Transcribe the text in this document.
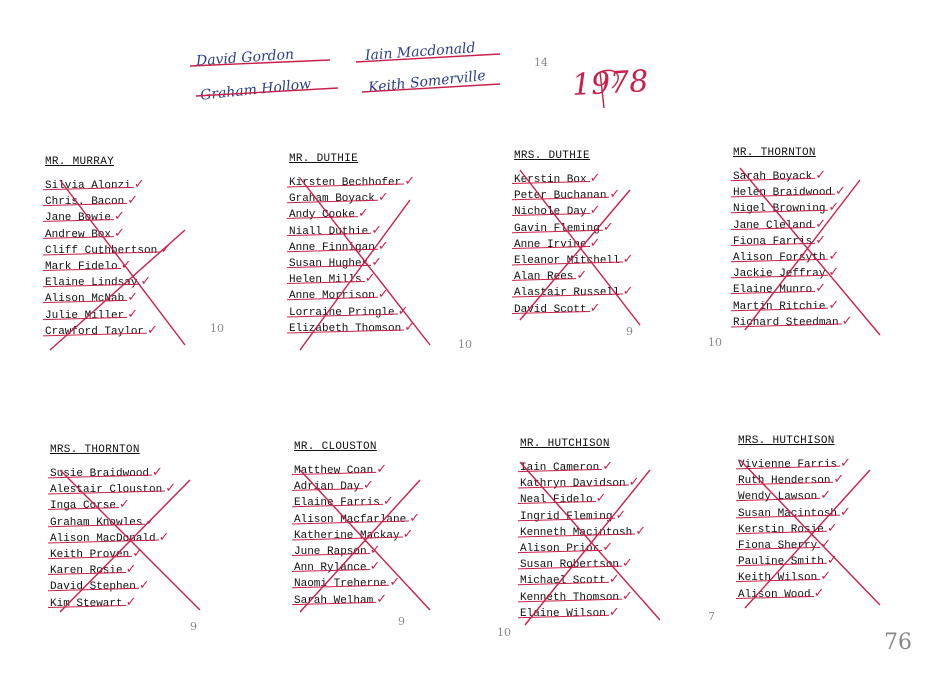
David Gordon
Graham Hollow
Iain Macdonald
Keith Somerville
14
1978
MR. MURRAY
Silvia Alonzi ✓
Chris. Bacon ✓
Jane Bowie ✓
Andrew Box ✓
Cliff Cuthbertson ✓
Mark Fidelo ✓
Elaine Lindsay ✓
Alison McNab ✓
Julie Miller ✓
Crawford Taylor ✓
MR. DUTHIE
Kirsten Bechhofer ✓
Graham Boyack ✓
Andy Cooke ✓
Niall Duthie ✓
Anne Finnigan ✓
Susan Hughes ✓
Helen Mills ✓
Anne Morrison ✓
Lorraine Pringle ✓
Elizabeth Thomson ✓
MRS. DUTHIE
Kerstin Box ✓
Peter Buchanan ✓
Nichole Day ✓
Gavin Fleming ✓
Anne Irvine ✓
Eleanor Mitchell ✓
Alan Rees ✓
Alastair Russell ✓
David Scott ✓
MR. THORNTON
Sarah Boyack ✓
Helen Braidwood ✓
Nigel Browning ✓
Jane Cleland ✓
Fiona Farris ✓
Alison Forsyth ✓
Jackie Jeffray ✓
Elaine Munro ✓
Martin Ritchie ✓
Richard Steedman ✓
MRS. THORNTON
Susie Braidwood ✓
Alestair Clouston ✓
Inga Corse ✓
Graham Knowles ✓
Alison MacDonald ✓
Keith Proven ✓
Karen Rosie ✓
David Stephen ✓
Kim Stewart ✓
MR. CLOUSTON
Matthew Coan ✓
Adrian Day ✓
Elaine Farris ✓
Alison Macfarlane ✓
Katherine Mackay ✓
June Rapson ✓
Ann Rylance ✓
Naomi Treherne ✓
Sarah Welham ✓
MR. HUTCHISON
Iain Cameron ✓
Kathryn Davidson ✓
Neal Fidelo ✓
Ingrid Fleming ✓
Kenneth Macintosh ✓
Alison Prior ✓
Susan Robertson ✓
Michael Scott ✓
Kenneth Thomson ✓
Elaine Wilson ✓
MRS. HUTCHISON
Vivienne Farris ✓
Ruth Henderson ✓
Wendy Lawson ✓
Susan Macintosh ✓
Kerstin Rosie ✓
Fiona Sherry ✓
Pauline Smith ✓
Keith Wilson ✓
Alison Wood ✓
10
10
9
10
9	9
10
7
76
